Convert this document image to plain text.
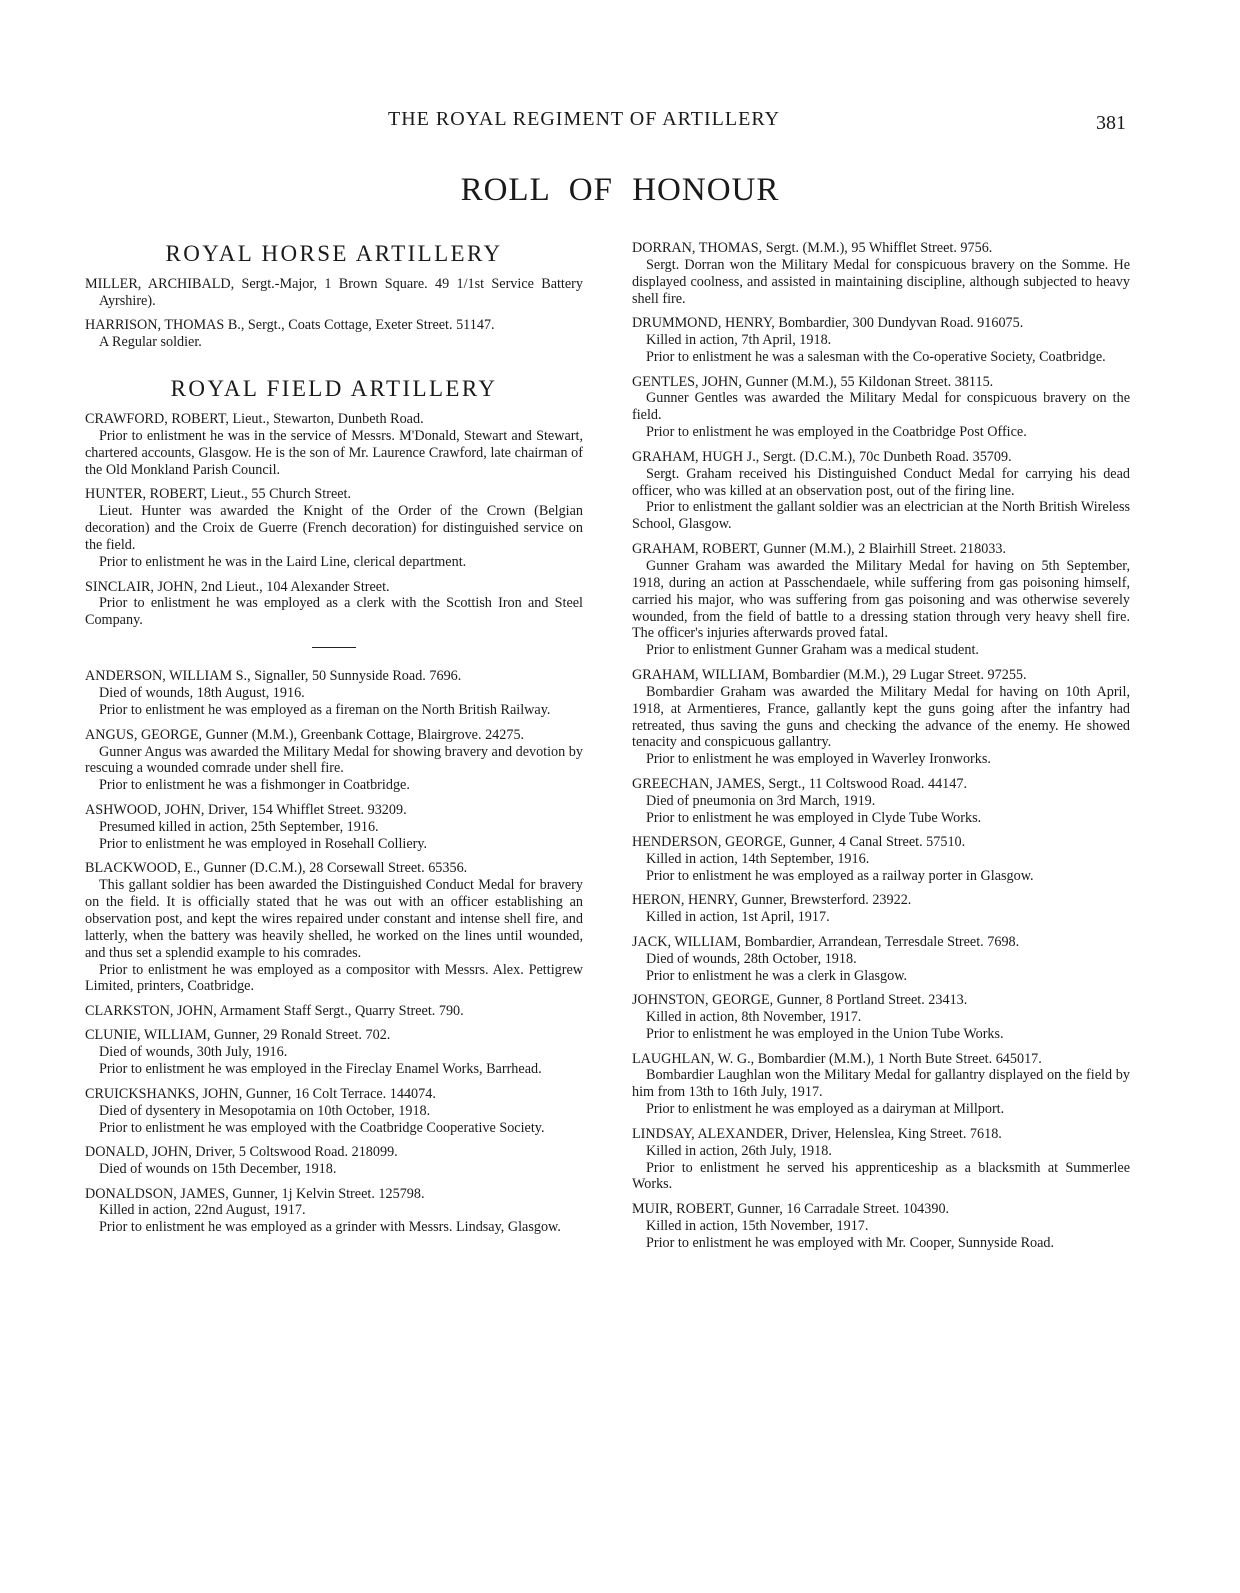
THE ROYAL REGIMENT OF ARTILLERY	381
ROLL OF HONOUR
ROYAL HORSE ARTILLERY

MILLER, ARCHIBALD, Sergt.-Major, 1 Brown Square. 49 1/1st Service Battery Ayrshire).

HARRISON, THOMAS B., Sergt., Coats Cottage, Exeter Street. 51147.

A Regular soldier.

ROYAL FIELD ARTILLERY

CRAWFORD, ROBERT, Lieut., Stewarton, Dunbeth Road.

Prior to enlistment he was in the service of Messrs. M'Donald, Stewart and Stewart, chartered accounts, Glasgow. He is the son of Mr. Laurence Crawford, late chairman of the Old Monkland Parish Council.

HUNTER, ROBERT, Lieut., 55 Church Street.

Lieut. Hunter was awarded the Knight of the Order of the Crown (Belgian decoration) and the Croix de Guerre (French decoration) for distinguished service on the field.

Prior to enlistment he was in the Laird Line, clerical department.

SINCLAIR, JOHN, 2nd Lieut., 104 Alexander Street.

Prior to enlistment he was employed as a clerk with the Scottish Iron and Steel Company.

ANDERSON, WILLIAM S., Signaller, 50 Sunnyside Road. 7696.

Died of wounds, 18th August, 1916.

Prior to enlistment he was employed as a fireman on the North British Railway.

ANGUS, GEORGE, Gunner (M.M.), Greenbank Cottage, Blairgrove. 24275.

Gunner Angus was awarded the Military Medal for showing bravery and devotion by rescuing a wounded comrade under shell fire.

Prior to enlistment he was a fishmonger in Coatbridge.

ASHWOOD, JOHN, Driver, 154 Whifflet Street. 93209.

Presumed killed in action, 25th September, 1916.

Prior to enlistment he was employed in Rosehall Colliery.

BLACKWOOD, E., Gunner (D.C.M.), 28 Corsewall Street. 65356.

This gallant soldier has been awarded the Distinguished Conduct Medal for bravery on the field. It is officially stated that he was out with an officer establishing an observation post, and kept the wires repaired under constant and intense shell fire, and latterly, when the battery was heavily shelled, he worked on the lines until wounded, and thus set a splendid example to his comrades.

Prior to enlistment he was employed as a compositor with Messrs. Alex. Pettigrew Limited, printers, Coatbridge.

CLARKSTON, JOHN, Armament Staff Sergt., Quarry Street. 790.

CLUNIE, WILLIAM, Gunner, 29 Ronald Street. 702.

Died of wounds, 30th July, 1916.

Prior to enlistment he was employed in the Fireclay Enamel Works, Barrhead.

CRUICKSHANKS, JOHN, Gunner, 16 Colt Terrace. 144074.

Died of dysentery in Mesopotamia on 10th October, 1918.

Prior to enlistment he was employed with the Coatbridge Cooperative Society.

DONALD, JOHN, Driver, 5 Coltswood Road. 218099.

Died of wounds on 15th December, 1918.

DONALDSON, JAMES, Gunner, 1j Kelvin Street. 125798.

Killed in action, 22nd August, 1917.

Prior to enlistment he was employed as a grinder with Messrs. Lindsay, Glasgow.

DORRAN, THOMAS, Sergt. (M.M.), 95 Whifflet Street. 9756.

Sergt. Dorran won the Military Medal for conspicuous bravery on the Somme. He displayed coolness, and assisted in maintaining discipline, although subjected to heavy shell fire.

DRUMMOND, HENRY, Bombardier, 300 Dundyvan Road. 916075.

Killed in action, 7th April, 1918.

Prior to enlistment he was a salesman with the Co-operative Society, Coatbridge.

GENTLES, JOHN, Gunner (M.M.), 55 Kildonan Street. 38115.

Gunner Gentles was awarded the Military Medal for conspicuous bravery on the field.

Prior to enlistment he was employed in the Coatbridge Post Office.

GRAHAM, HUGH J., Sergt. (D.C.M.), 70c Dunbeth Road. 35709.

Sergt. Graham received his Distinguished Conduct Medal for carrying his dead officer, who was killed at an observation post, out of the firing line.

Prior to enlistment the gallant soldier was an electrician at the North British Wireless School, Glasgow.

GRAHAM, ROBERT, Gunner (M.M.), 2 Blairhill Street. 218033.

Gunner Graham was awarded the Military Medal for having on 5th September, 1918, during an action at Passchendaele, while suffering from gas poisoning himself, carried his major, who was suffering from gas poisoning and was otherwise severely wounded, from the field of battle to a dressing station through very heavy shell fire. The officer's injuries afterwards proved fatal.

Prior to enlistment Gunner Graham was a medical student.

GRAHAM, WILLIAM, Bombardier (M.M.), 29 Lugar Street. 97255.

Bombardier Graham was awarded the Military Medal for having on 10th April, 1918, at Armentieres, France, gallantly kept the guns going after the infantry had retreated, thus saving the guns and checking the advance of the enemy. He showed tenacity and conspicuous gallantry.

Prior to enlistment he was employed in Waverley Ironworks.

GREECHAN, JAMES, Sergt., 11 Coltswood Road. 44147.

Died of pneumonia on 3rd March, 1919.

Prior to enlistment he was employed in Clyde Tube Works.

HENDERSON, GEORGE, Gunner, 4 Canal Street. 57510.

Killed in action, 14th September, 1916.

Prior to enlistment he was employed as a railway porter in Glasgow.

HERON, HENRY, Gunner, Brewsterford. 23922.

Killed in action, 1st April, 1917.

JACK, WILLIAM, Bombardier, Arrandean, Terresdale Street. 7698.

Died of wounds, 28th October, 1918.

Prior to enlistment he was a clerk in Glasgow.

JOHNSTON, GEORGE, Gunner, 8 Portland Street. 23413.

Killed in action, 8th November, 1917.

Prior to enlistment he was employed in the Union Tube Works.

LAUGHLAN, W. G., Bombardier (M.M.), 1 North Bute Street. 645017.

Bombardier Laughlan won the Military Medal for gallantry displayed on the field by him from 13th to 16th July, 1917.

Prior to enlistment he was employed as a dairyman at Millport.

LINDSAY, ALEXANDER, Driver, Helenslea, King Street. 7618.

Killed in action, 26th July, 1918.

Prior to enlistment he served his apprenticeship as a blacksmith at Summerlee Works.

MUIR, ROBERT, Gunner, 16 Carradale Street. 104390.

Killed in action, 15th November, 1917.

Prior to enlistment he was employed with Mr. Cooper, Sunnyside Road.
